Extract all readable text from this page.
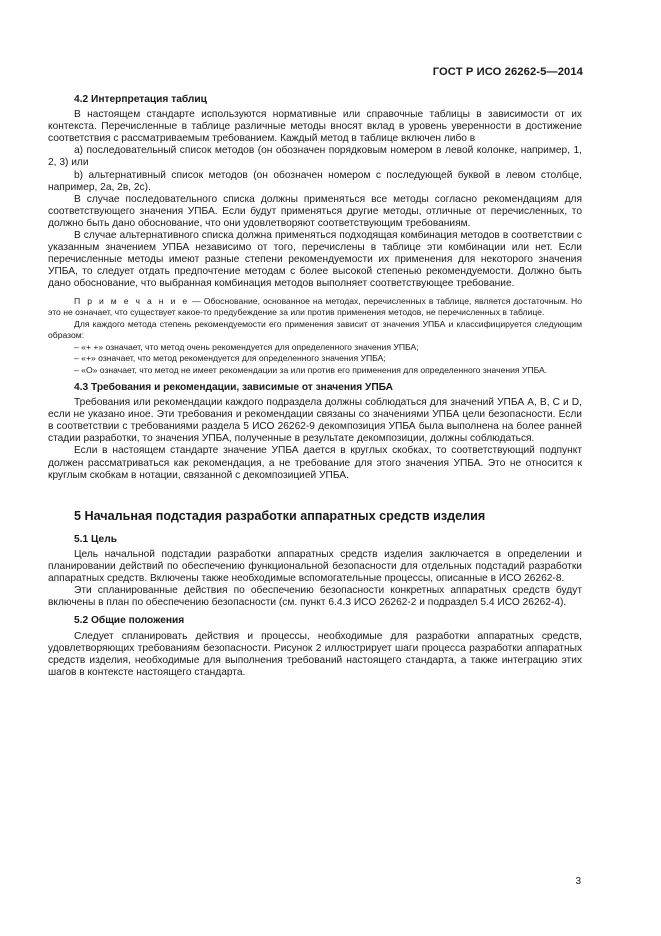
ГОСТ Р ИСО 26262-5—2014

4.2 Интерпретация таблиц

В настоящем стандарте используются нормативные или справочные таблицы в зависимости от их контекста. Перечисленные в таблице различные методы вносят вклад в уровень уверенности в достижение соответствия с рассматриваемым требованием. Каждый метод в таблице включен либо в

a) последовательный список методов (он обозначен порядковым номером в левой колонке, например, 1, 2, 3) или

b) альтернативный список методов (он обозначен номером с последующей буквой в левом столбце, например, 2а, 2в, 2с).

В случае последовательного списка должны применяться все методы согласно рекомендациям для соответствующего значения УПБА. Если будут применяться другие методы, отличные от перечисленных, то должно быть дано обоснование, что они удовлетворяют соответствующим требованиям.

В случае альтернативного списка должна применяться подходящая комбинация методов в соответствии с указанным значением УПБА независимо от того, перечислены в таблице эти комбинации или нет. Если перечисленные методы имеют разные степени рекомендуемости их применения для некоторого значения УПБА, то следует отдать предпочтение методам с более высокой степенью рекомендуемости. Должно быть дано обоснование, что выбранная комбинация методов выполняет соответствующее требование.

П р и м е ч а н и е — Обоснование, основанное на методах, перечисленных в таблице, является достаточным. Но это не означает, что существует какое-то предубеждение за или против применения методов, не перечисленных в таблице.

Для каждого метода степень рекомендуемости его применения зависит от значения УПБА и классифицируется следующим образом:

– «+ +» означает, что метод очень рекомендуется для определенного значения УПБА;

– «+» означает, что метод рекомендуется для определенного значения УПБА;

– «О» означает, что метод не имеет рекомендации за или против его применения для определенного значения УПБА.

4.3 Требования и рекомендации, зависимые от значения УПБА

Требования или рекомендации каждого подраздела должны соблюдаться для значений УПБА А, В, С и D, если не указано иное. Эти требования и рекомендации связаны со значениями УПБА цели безопасности. Если в соответствии с требованиями раздела 5 ИСО 26262-9 декомпозиция УПБА была выполнена на более ранней стадии разработки, то значения УПБА, полученные в результате декомпозиции, должны соблюдаться.

Если в настоящем стандарте значение УПБА дается в круглых скобках, то соответствующий подпункт должен рассматриваться как рекомендация, а не требование для этого значения УПБА. Это не относится к круглым скобкам в нотации, связанной с декомпозицией УПБА.

5 Начальная подстадия разработки аппаратных средств изделия

5.1 Цель

Цель начальной подстадии разработки аппаратных средств изделия заключается в определении и планировании действий по обеспечению функциональной безопасности для отдельных подстадий разработки аппаратных средств. Включены также необходимые вспомогательные процессы, описанные в ИСО 26262-8.

Эти спланированные действия по обеспечению безопасности конкретных аппаратных средств будут включены в план по обеспечению безопасности (см. пункт 6.4.3 ИСО 26262-2 и подраздел 5.4 ИСО 26262-4).

5.2 Общие положения

Следует спланировать действия и процессы, необходимые для разработки аппаратных средств, удовлетворяющих требованиям безопасности. Рисунок 2 иллюстрирует шаги процесса разработки аппаратных средств изделия, необходимые для выполнения требований настоящего стандарта, а также интеграцию этих шагов в контексте настоящего стандарта.

3
